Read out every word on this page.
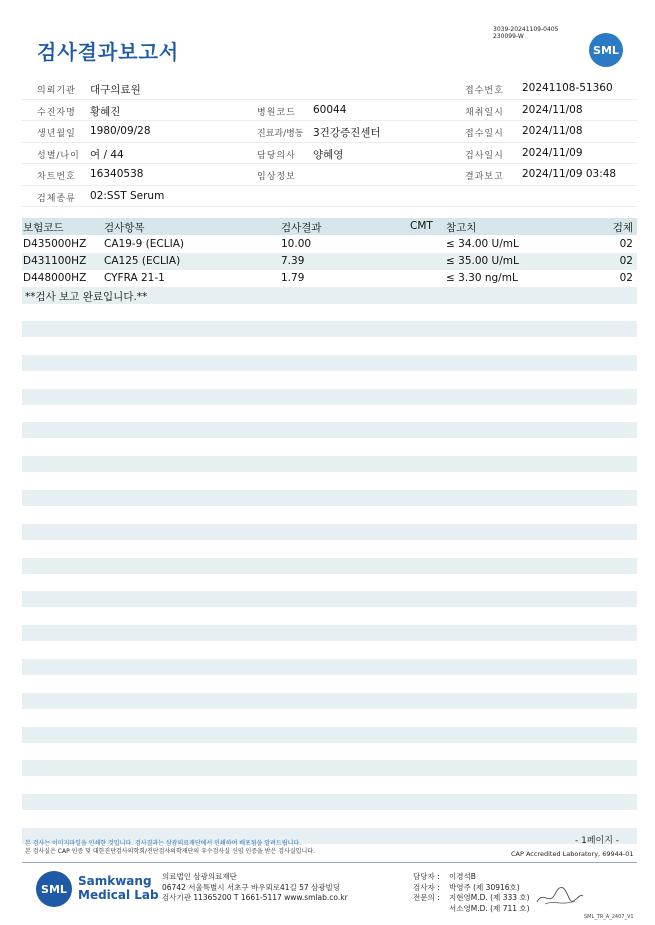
검사결과보고서
3039-20241109-0405
230099-W
SML
의뢰기관 대구의료원	접수번호 20241108-51360
수진자명 황혜진	병원코드 60044	채취일시 2024/11/08
생년월일 1980/09/28	진료과/병동 3건강증진센터	접수일시 2024/11/08
성별/나이 여 / 44	담당의사 양혜영	검사일시 2024/11/09
차트번호 16340538	임상정보	결과보고 2024/11/09 03:48
검체종류 02:SST Serum
보험코드	검사항목	검사결과	CMT 참고치	검체
D435000HZ CA19-9 (ECLIA)	10.00	≤ 34.00 U/mL	02
D431100HZ CA125 (ECLIA)	7.39	≤ 35.00 U/mL	02
D448000HZ CYFRA 21-1	1.79	≤ 3.30 ng/mL	02
**검사 보고 완료입니다.**
- 1페이지 -
본 검사는 이미지파일을 인쇄한 것입니다. 검사결과는 삼광의료재단에서 인쇄하여 배포됨을 알려드립니다.
본 검사실은 CAP 인증 및 대한진단검사의학회/진단검사의학재단의 우수검사실 신임 인증을 받은 검사실입니다.	CAP Accredited Laboratory, 69944-01
SML
Samkwang
Medical Lab
의료법인 삼광의료재단
06742 서울특별시 서초구 바우뫼로41길 57 삼광빌딩
검사기관 11365200 T 1661-5117 www.smlab.co.kr
담당자 : 이경석B
검사자 : 박영주 (제 30916호)
전문의 : 지현영M.D. (제 333 호)
서소영M.D. (제 711 호)
SML_TR_A_2407_V1
